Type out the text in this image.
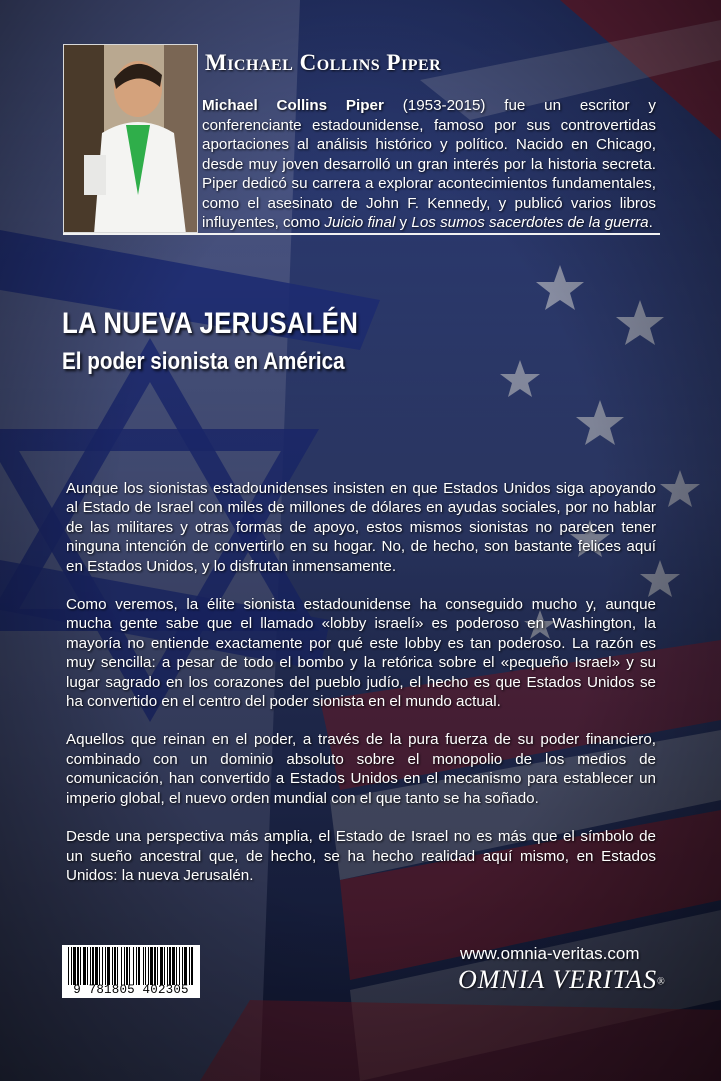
Michael Collins Piper

Michael Collins Piper (1953-2015) fue un escritor y conferenciante estadounidense, famoso por sus controvertidas aportaciones al análisis histórico y político. Nacido en Chicago, desde muy joven desarrolló un gran interés por la historia secreta. Piper dedicó su carrera a explorar acontecimientos fundamentales, como el asesinato de John F. Kennedy, y publicó varios libros influyentes, como Juicio final y Los sumos sacerdotes de la guerra.

LA NUEVA JERUSALÉN
El poder sionista en América

Aunque los sionistas estadounidenses insisten en que Estados Unidos siga apoyando al Estado de Israel con miles de millones de dólares en ayudas sociales, por no hablar de las militares y otras formas de apoyo, estos mismos sionistas no parecen tener ninguna intención de convertirlo en su hogar. No, de hecho, son bastante felices aquí en Estados Unidos, y lo disfrutan inmensamente.

Como veremos, la élite sionista estadounidense ha conseguido mucho y, aunque mucha gente sabe que el llamado «lobby israelí» es poderoso en Washington, la mayoría no entiende exactamente por qué este lobby es tan poderoso. La razón es muy sencilla: a pesar de todo el bombo y la retórica sobre el «pequeño Israel» y su lugar sagrado en los corazones del pueblo judío, el hecho es que Estados Unidos se ha convertido en el centro del poder sionista en el mundo actual.

Aquellos que reinan en el poder, a través de la pura fuerza de su poder financiero, combinado con un dominio absoluto sobre el monopolio de los medios de comunicación, han convertido a Estados Unidos en el mecanismo para establecer un imperio global, el nuevo orden mundial con el que tanto se ha soñado.

Desde una perspectiva más amplia, el Estado de Israel no es más que el símbolo de un sueño ancestral que, de hecho, se ha hecho realidad aquí mismo, en Estados Unidos: la nueva Jerusalén.

9 781805 402305
www.omnia-veritas.com
OMNIA VERITAS®
